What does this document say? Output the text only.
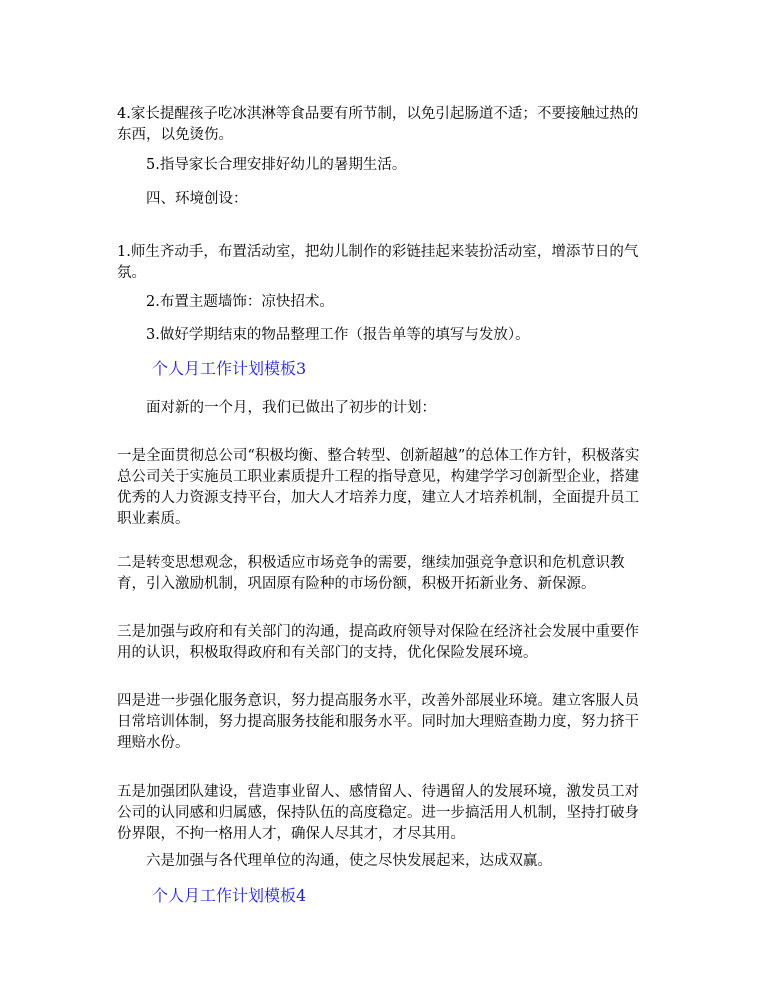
4.家长提醒孩子吃冰淇淋等食品要有所节制，以免引起肠道不适；不要接触过热的东西，以免烫伤。
5.指导家长合理安排好幼儿的暑期生活。
四、环境创设：
1.师生齐动手，布置活动室，把幼儿制作的彩链挂起来装扮活动室，增添节日的气氛。
2.布置主题墙饰：凉快招术。
3.做好学期结束的物品整理工作（报告单等的填写与发放）。
个人月工作计划模板3
面对新的一个月，我们已做出了初步的计划：
一是全面贯彻总公司“积极均衡、整合转型、创新超越”的总体工作方针，积极落实总公司关于实施员工职业素质提升工程的指导意见，构建学学习创新型企业，搭建优秀的人力资源支持平台，加大人才培养力度，建立人才培养机制，全面提升员工职业素质。
二是转变思想观念，积极适应市场竞争的需要，继续加强竞争意识和危机意识教育，引入激励机制，巩固原有险种的市场份额，积极开拓新业务、新保源。
三是加强与政府和有关部门的沟通，提高政府领导对保险在经济社会发展中重要作用的认识，积极取得政府和有关部门的支持，优化保险发展环境。
四是进一步强化服务意识，努力提高服务水平，改善外部展业环境。建立客服人员日常培训体制，努力提高服务技能和服务水平。同时加大理赔查勘力度，努力挤干理赔水份。
五是加强团队建设，营造事业留人、感情留人、待遇留人的发展环境，激发员工对公司的认同感和归属感，保持队伍的高度稳定。进一步搞活用人机制，坚持打破身份界限，不拘一格用人才，确保人尽其才，才尽其用。
六是加强与各代理单位的沟通，使之尽快发展起来，达成双赢。
个人月工作计划模板4
